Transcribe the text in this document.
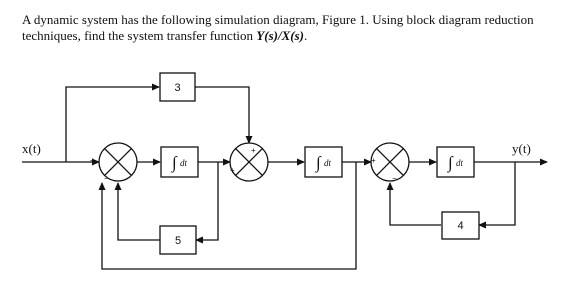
A dynamic system has the following simulation diagram, Figure 1. Using block diagram reduction
techniques, find the system transfer function Y(s)/X(s).
3
5
4
∫ dt	∫ dt	∫ dt
+
−
+
+
+
−
x(t)	y(t)
